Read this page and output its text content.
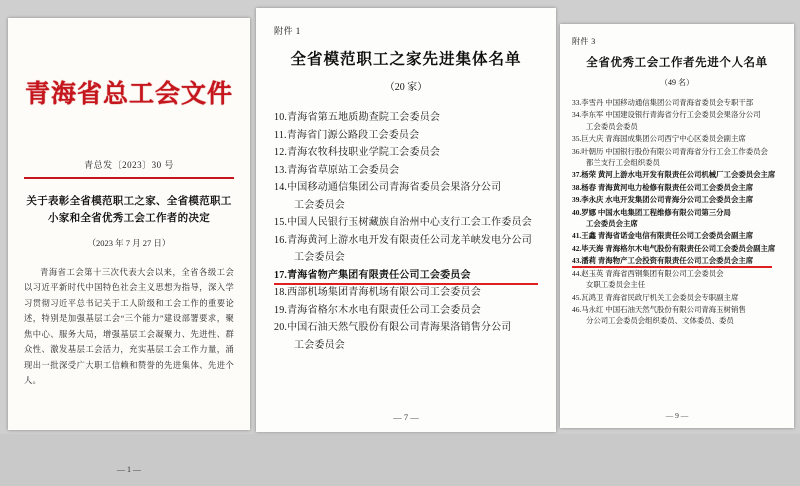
青海省总工会文件
青总发〔2023〕30 号
关于表彰全省模范职工之家、全省模范职工
小家和全省优秀工会工作者的决定
（2023 年 7 月 27 日）

青海省工会第十三次代表大会以来，全省各级工会以习近平新时代中国特色社会主义思想为指导，深入学习贯彻习近平总书记关于工人阶级和工会工作的重要论述，特别是加强基层工会“三个能力”建设部署要求，聚焦中心、服务大局，增强基层工会凝聚力、先进性、群众性、激发基层工会活力，充实基层工会工作力量，涌现出一批深受广大职工信赖和赞誉的先进集体、先进个人。

— 1 —
附件 1
全省模范职工之家先进集体名单
（20 家）
10.青海省第五地质勘查院工会委员会
11.青海省门源公路段工会委员会
12.青海农牧科技职业学院工会委员会
13.青海省草原站工会委员会
14.中国移动通信集团公司青海省委员会果洛分公司
工会委员会
15.中国人民银行玉树藏族自治州中心支行工会工作委员会
16.青海黄河上游水电开发有限责任公司龙羊峡发电分公司
工会委员会
17.青海省物产集团有限责任公司工会委员会
18.西部机场集团青海机场有限公司工会委员会
19.青海省格尔木水电有限责任公司工会委员会
20.中国石油天然气股份有限公司青海果洛销售分公司
工会委员会
— 7 —
附件 3
全省优秀工会工作者先进个人名单
（49 名）
33.李雪丹 中国移动通信集团公司青海省委员会专职干部
34.李东军 中国建设银行青海省分行工会委员会果洛分公司
工会委员会委员
35.巨大庆 青海国成集团公司西宁中心区委员会副主席
36.叶朝历 中国银行股份有限公司青海省分行工会工作委员会
都兰支行工会组织委员
37.杨荣 黄河上游水电开发有限责任公司机械厂工会委员会主席
38.杨春 青海黄河电力检修有限责任公司工会委员会主席
39.李永庆 水电开发集团公司青海分公司工会委员会主席
40.罗娜 中国水电集团工程维修有限公司第三分局
工会委员会主席
41.王鑫 青海省诺金电信有限责任公司工会委员会副主席
42.毕天海 青海格尔木电气股份有限责任公司工会委员会副主席
43.潘莉 青海物产工会投资有限责任公司工会委员会主席
44.赵玉英 青海省西钢集团有限公司工会委员会
女职工委员会主任
45.瓦鸿卫 青海省民政厅机关工会委员会专职副主席
46.马永红 中国石油天然气股份有限公司青海玉树销售
分公司工会委员会组织委员、文体委员、委员
— 9 —
